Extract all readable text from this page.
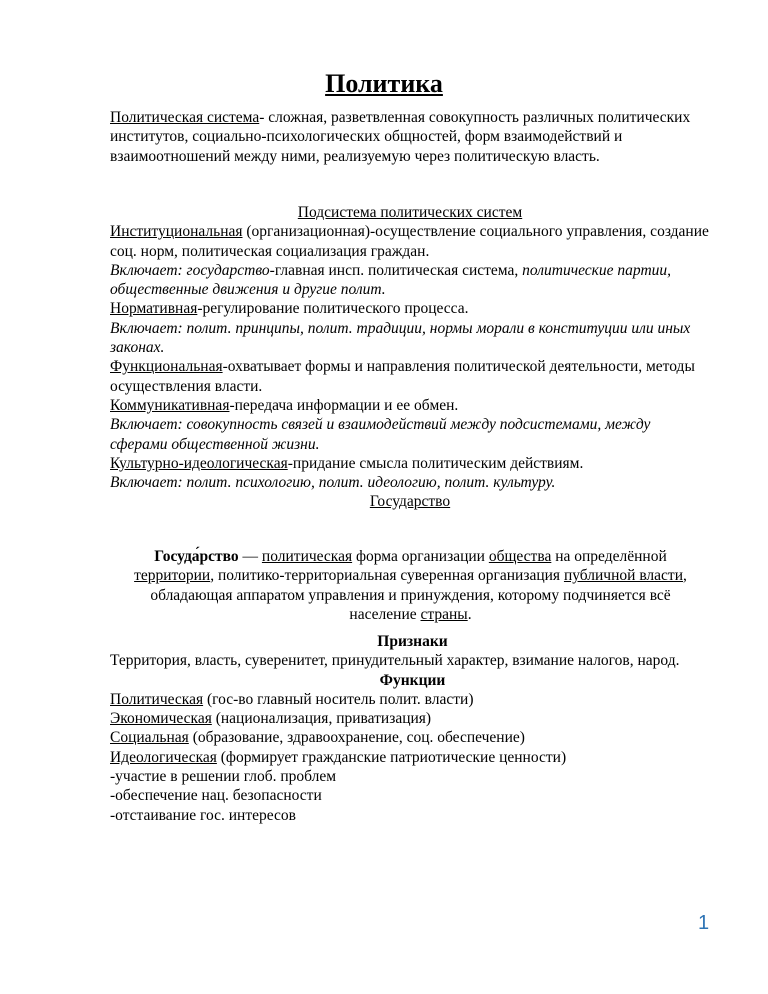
Политика

Политическая система- сложная, разветвленная совокупность различных политических институтов, социально-психологических общностей, форм взаимодействий и взаимоотношений между ними, реализуемую через политическую власть.

Подсистема политических систем

Институциональная (организационная)-осуществление социального управления, создание соц. норм, политическая социализация граждан.

Включает: государство-главная инсп. политическая система, политические партии, общественные движения и другие полит.

Нормативная-регулирование политического процесса.

Включает: полит. принципы, полит. традиции, нормы морали в конституции или иных законах.

Функциональная-охватывает формы и направления политической деятельности, методы осуществления власти.

Коммуникативная-передача информации и ее обмен.

Включает: совокупность связей и взаимодействий между подсистемами, между сферами общественной жизни.

Культурно-идеологическая-придание смысла политическим действиям.

Включает: полит. психологию, полит. идеологию, полит. культуру.

Государство

Госуда́рство — политическая форма организации общества на определённой территории, политико-территориальная суверенная организация публичной власти, обладающая аппаратом управления и принуждения, которому подчиняется всё население страны.

Признаки

Территория, власть, суверенитет, принудительный характер, взимание налогов, народ.

Функции

Политическая (гос-во главный носитель полит. власти)

Экономическая (национализация, приватизация)

Социальная (образование, здравоохранение, соц. обеспечение)

Идеологическая (формирует гражданские патриотические ценности)

-участие в решении глоб. проблем

-обеспечение нац. безопасности

-отстаивание гос. интересов

1
